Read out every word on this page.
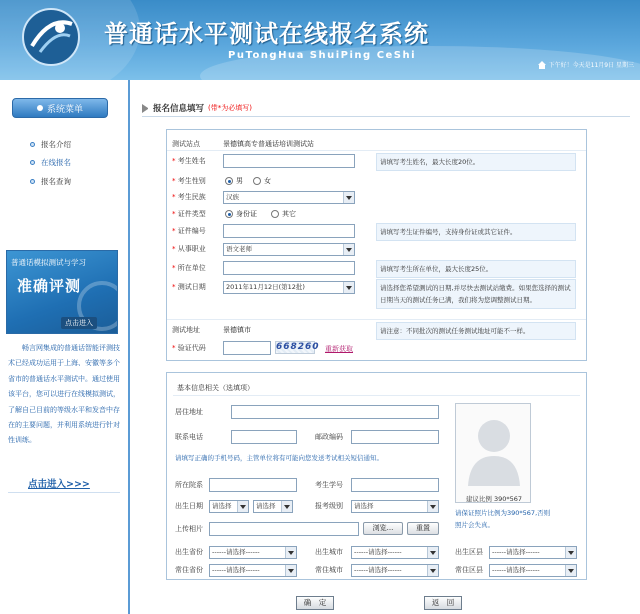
普通话水平测试在线报名系统
PuTongHua ShuiPing CeShi
下午好！今天是11月9日 星期三
系统菜单
报名介绍
在线报名
报名查询
普通话模拟测试与学习
准确评测
点击进入
畅言网集成的普通话智能评测技术已经成功运用于上海、安徽等多个省市的普通话水平测试中。通过使用该平台，您可以进行在线模拟测试，了解自己目前的等级水平和发音中存在的主要问题，并利用系统进行针对性训练。
点击进入>>>
报名信息填写 (带*为必填写)
测试站点	景德镇高专普通话培训测试站
* 考生姓名	请填写考生姓名，最大长度20位。
* 考生性别	男	女
* 考生民族	汉族
* 证件类型	身份证	其它
* 证件编号	请填写考生证件编号，支持身份证或其它证件。
* 从事职业	语文老师
* 所在单位	请填写考生所在单位，最大长度25位。
* 测试日期	2011年11月12日(第12批)	请选择您希望测试的日期,并尽快去测试站缴费。如果您选择的测试日期当天的测试任务已满，我们将为您调整测试日期。
测试地址	景德镇市	请注意：不同批次的测试任务测试地址可能不一样。
* 验证代码	668260 重新获取
基本信息相关（选填项）
居住地址
联系电话	邮政编码
请填写正确的手机号码，主管单位将有可能向您发送考试相关短信通知。
所在院系	考生学号
出生日期	请选择	请选择	报考级别	请选择
上传相片	浏览...	重置
建议比例 390*567
请保证照片比例为390*567,否则照片会失真。
出生省份	------请选择------	出生城市	------请选择------	出生区县	------请选择------
常住省份	------请选择------	常住城市	------请选择------	常住区县	------请选择------
确　定	返　回
